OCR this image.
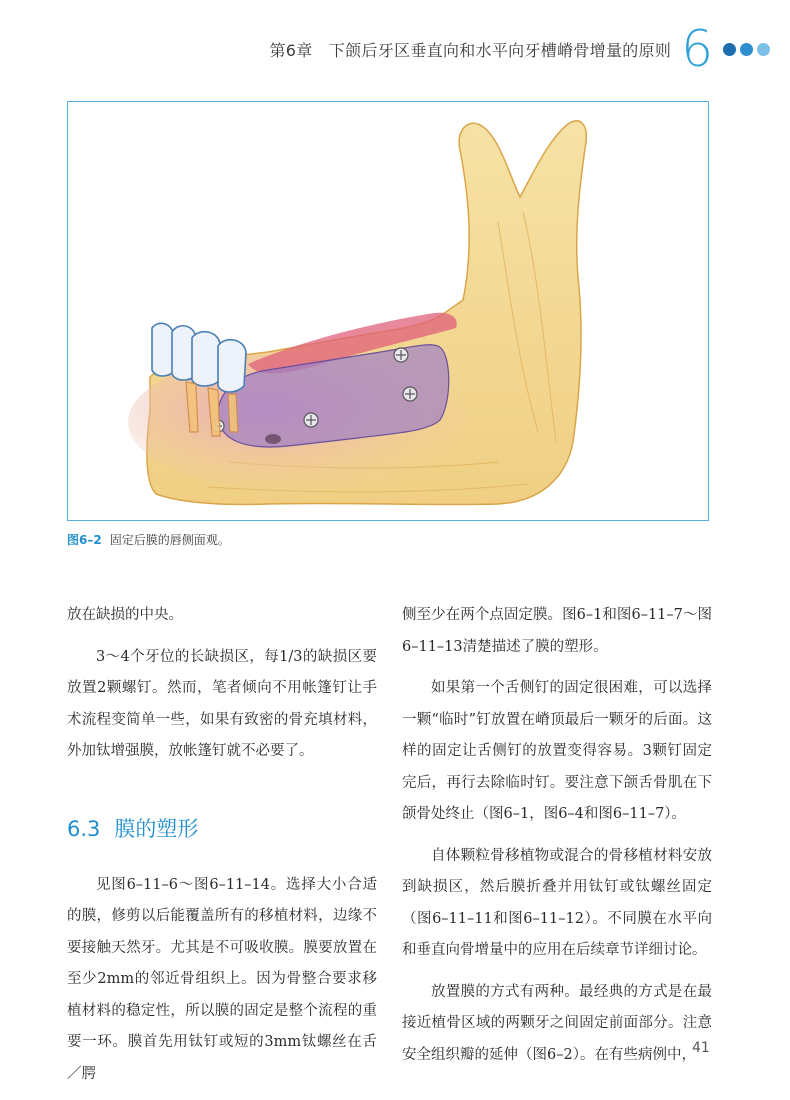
第6章　下颌后牙区垂直向和水平向牙槽嵴骨增量的原则 6
图6–2 固定后膜的唇侧面观。

放在缺损的中央。

3～4个牙位的长缺损区，每1/3的缺损区要放置2颗螺钉。然而，笔者倾向不用帐篷钉让手术流程变简单一些，如果有致密的骨充填材料，外加钛增强膜，放帐篷钉就不必要了。

6.3 膜的塑形

见图6–11–6～图6–11–14。选择大小合适的膜，修剪以后能覆盖所有的移植材料，边缘不要接触天然牙。尤其是不可吸收膜。膜要放置在至少2mm的邻近骨组织上。因为骨整合要求移植材料的稳定性，所以膜的固定是整个流程的重要一环。膜首先用钛钉或短的3mm钛螺丝在舌／腭

侧至少在两个点固定膜。图6–1和图6–11–7～图6–11–13清楚描述了膜的塑形。

如果第一个舌侧钉的固定很困难，可以选择一颗“临时”钉放置在嵴顶最后一颗牙的后面。这样的固定让舌侧钉的放置变得容易。3颗钉固定完后，再行去除临时钉。要注意下颌舌骨肌在下颌骨处终止（图6–1，图6–4和图6–11–7）。

自体颗粒骨移植物或混合的骨移植材料安放到缺损区，然后膜折叠并用钛钉或钛螺丝固定（图6–11–11和图6–11–12）。不同膜在水平向和垂直向骨增量中的应用在后续章节详细讨论。

放置膜的方式有两种。最经典的方式是在最接近植骨区域的两颗牙之间固定前面部分。注意安全组织瓣的延伸（图6–2）。在有些病例中，

41
